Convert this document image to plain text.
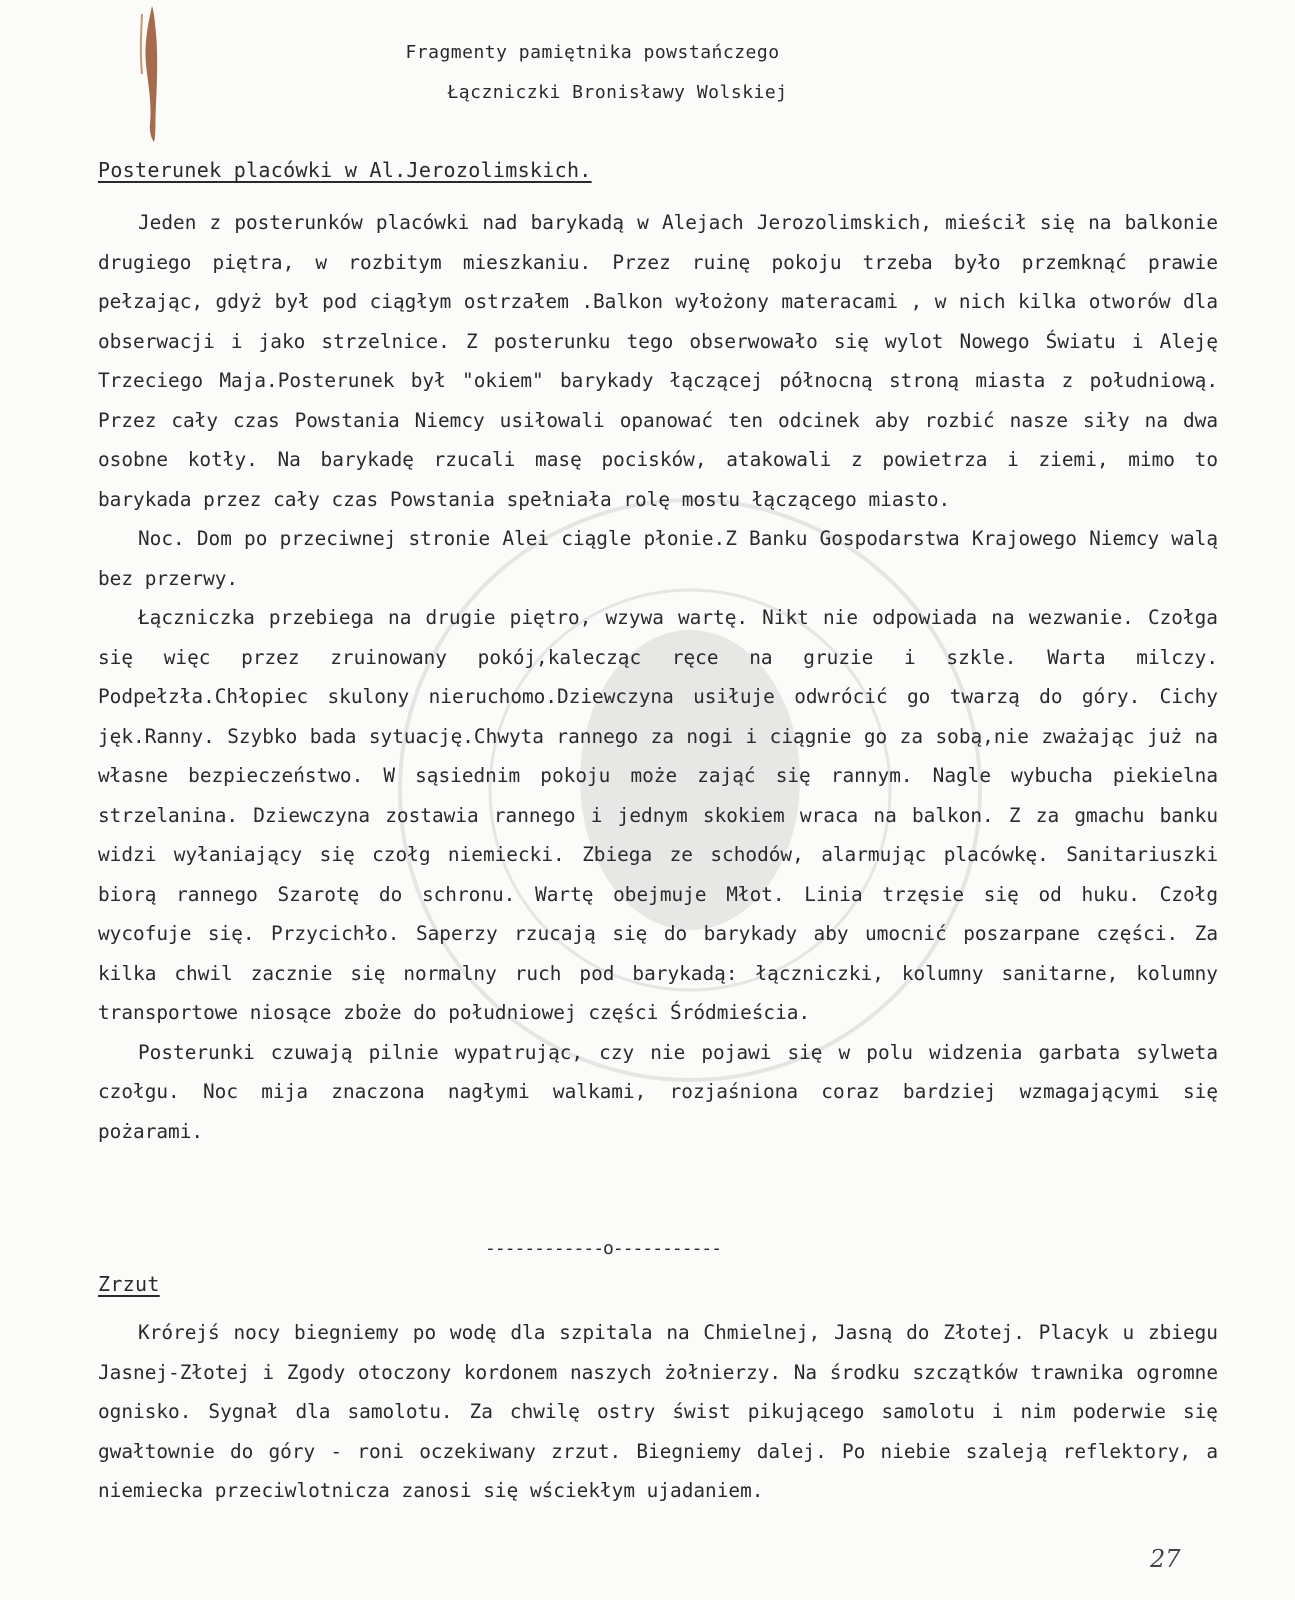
Fragmenty pamiętnika powstańczego
Łączniczki Bronisławy Wolskiej
Posterunek placówki w Al.Jerozolimskich.

Jeden z posterunków placówki nad barykadą w Alejach Jerozolimskich, mieścił się na balkonie drugiego piętra, w rozbitym mieszkaniu. Przez ruinę pokoju trzeba było przemknąć prawie pełzając, gdyż był pod ciągłym ostrzałem .Balkon wyłożony materacami , w nich kilka otworów dla obserwacji i jako strzelnice. Z posterunku tego obserwowało się wylot Nowego Światu i Aleję Trzeciego Maja.Posterunek był "okiem" barykady łączącej północną stroną miasta z południową. Przez cały czas Powstania Niemcy usiłowali opanować ten odcinek aby rozbić nasze siły na dwa osobne kotły. Na barykadę rzucali masę pocisków, atakowali z powietrza i ziemi, mimo to barykada przez cały czas Powstania spełniała rolę mostu łączącego miasto.

Noc. Dom po przeciwnej stronie Alei ciągle płonie.Z Banku Gospodarstwa Krajowego Niemcy walą bez przerwy.

Łączniczka przebiega na drugie piętro, wzywa wartę. Nikt nie odpowiada na wezwanie. Czołga się więc przez zruinowany pokój,kalecząc ręce na gruzie i szkle. Warta milczy. Podpełzła.Chłopiec skulony nieruchomo.Dziewczyna usiłuje odwrócić go twarzą do góry. Cichy jęk.Ranny. Szybko bada sytuację.Chwyta rannego za nogi i ciągnie go za sobą,nie zważając już na własne bezpieczeństwo. W sąsiednim pokoju może zająć się rannym. Nagle wybucha piekielna strzelanina. Dziewczyna zostawia rannego i jednym skokiem wraca na balkon. Z za gmachu banku widzi wyłaniający się czołg niemiecki. Zbiega ze schodów, alarmując placówkę. Sanitariuszki biorą rannego Szarotę do schronu. Wartę obejmuje Młot. Linia trzęsie się od huku. Czołg wycofuje się. Przycichło. Saperzy rzucają się do barykady aby umocnić poszarpane części. Za kilka chwil zacznie się normalny ruch pod barykadą: łączniczki, kolumny sanitarne, kolumny transportowe niosące zboże do południowej części Śródmieścia.

Posterunki czuwają pilnie wypatrując, czy nie pojawi się w polu widzenia garbata sylweta czołgu. Noc mija znaczona nagłymi walkami, rozjaśniona coraz bardziej wzmagającymi się pożarami.

------------o-----------
Zrzut

Krórejś nocy biegniemy po wodę dla szpitala na Chmielnej, Jasną do Złotej. Placyk u zbiegu Jasnej-Złotej i Zgody otoczony kordonem naszych żołnierzy. Na środku szczątków trawnika ogromne ognisko. Sygnał dla samolotu. Za chwilę ostry świst pikującego samolotu i nim poderwie się gwałtownie do góry - roni oczekiwany zrzut. Biegniemy dalej. Po niebie szaleją reflektory, a niemiecka przeciwlotnicza zanosi się wściekłym ujadaniem.

27
